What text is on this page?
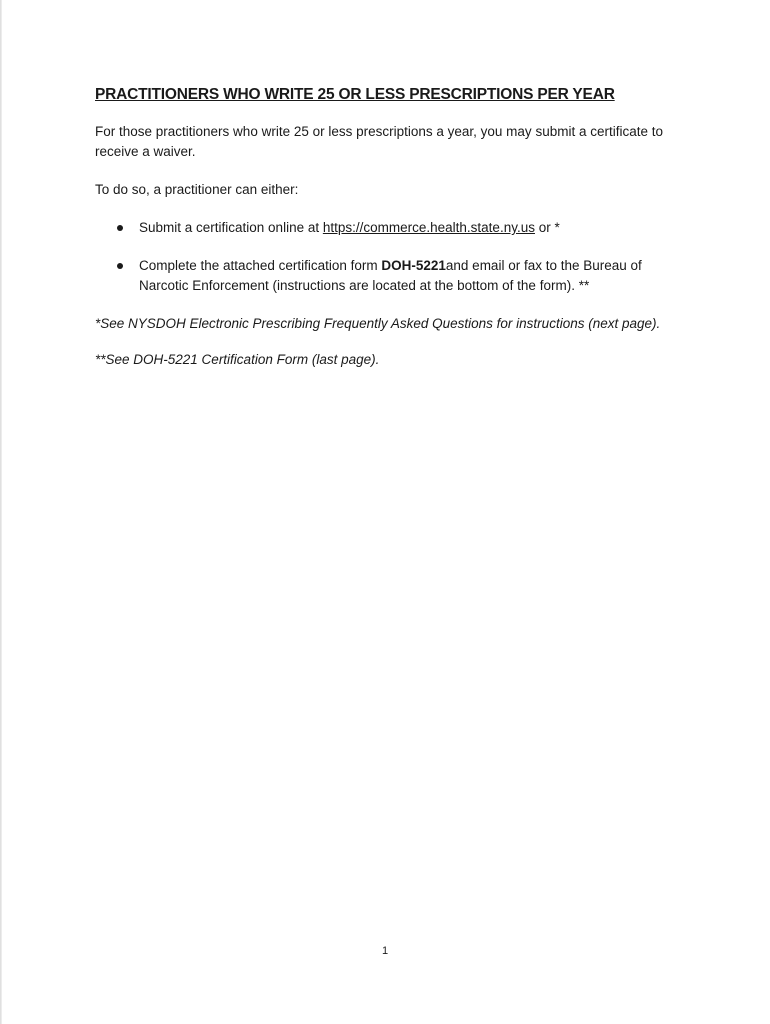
PRACTITIONERS WHO WRITE 25 OR LESS PRESCRIPTIONS PER YEAR

For those practitioners who write 25 or less prescriptions a year, you may submit a certificate to receive a waiver.

To do so, a practitioner can either:

Submit a certification online at https://commerce.health.state.ny.us or *
Complete the attached certification form DOH-5221and email or fax to the Bureau of Narcotic Enforcement (instructions are located at the bottom of the form). **

*See NYSDOH Electronic Prescribing Frequently Asked Questions for instructions (next page).

**See DOH-5221 Certification Form (last page).

1
